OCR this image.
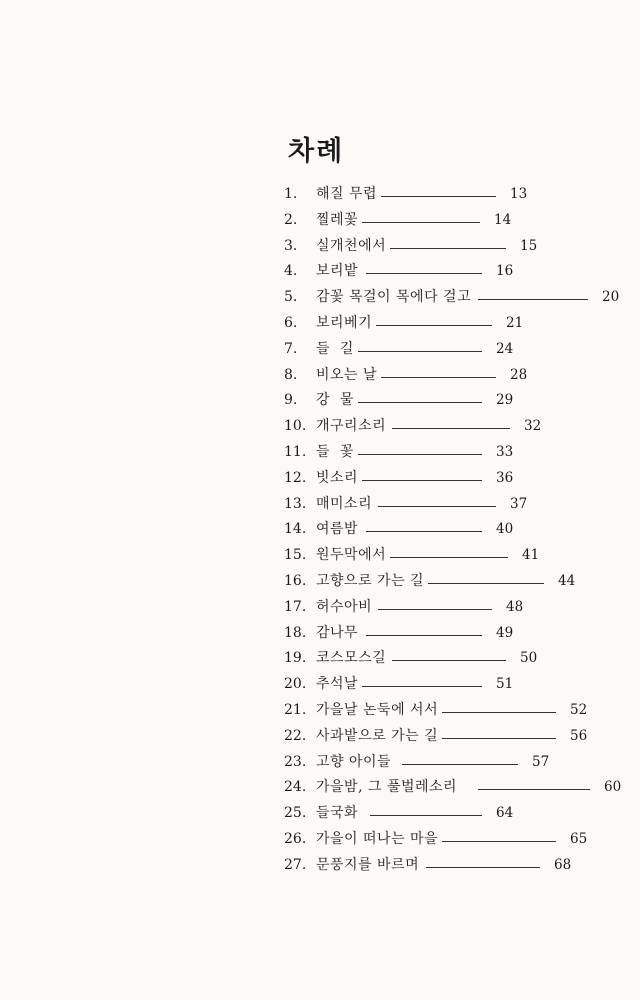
차례
1. 해질 무렵	13
2. 찔레꽃	14
3. 실개천에서	15
4. 보리밭	16
5. 감꽃 목걸이 목에다 걸고	20
6. 보리베기	21
7. 들  길	24
8. 비오는 날	28
9. 강  물	29
10. 개구리소리	32
11. 들  꽃	33
12. 빗소리	36
13. 매미소리	37
14. 여름밤	40
15. 원두막에서	41
16. 고향으로 가는 길	44
17. 허수아비	48
18. 감나무	49
19. 코스모스길	50
20. 추석날	51
21. 가을날 논둑에 서서	52
22. 사과밭으로 가는 길	56
23. 고향 아이들	57
24. 가을밤, 그 풀벌레소리	60
25. 들국화	64
26. 가을이 떠나는 마을	65
27. 문풍지를 바르며	68
